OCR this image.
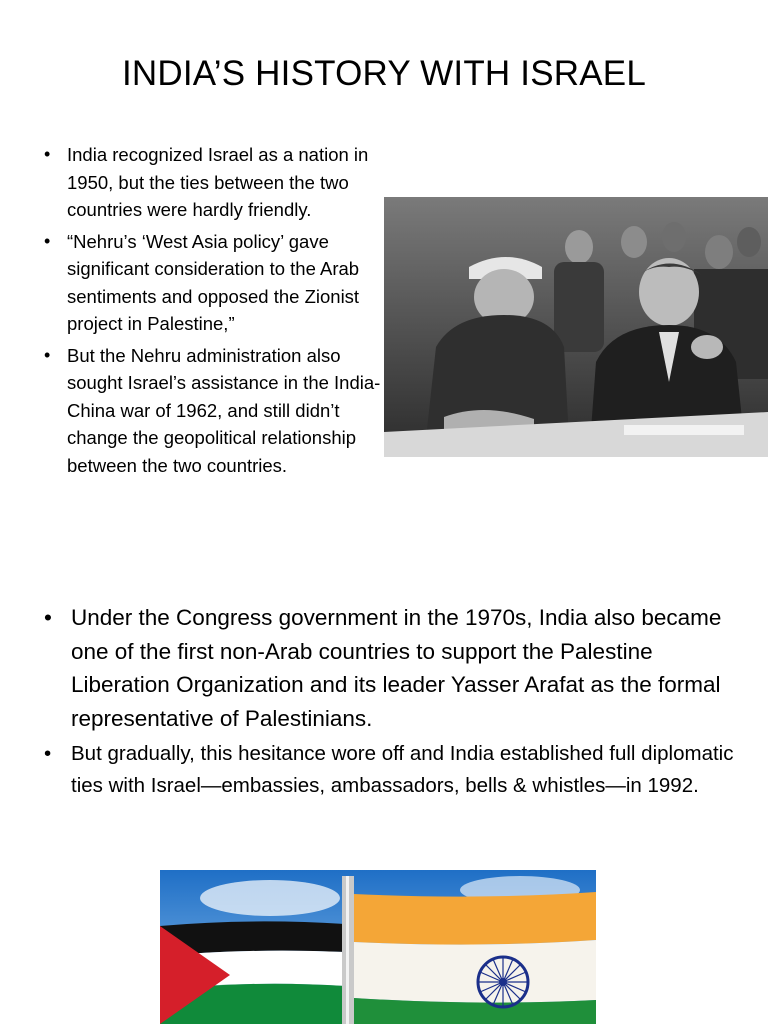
INDIA’S HISTORY WITH ISRAEL
• India recognized Israel as a nation in 1950, but the ties between the two countries were hardly friendly.
• “Nehru’s ‘West Asia policy’ gave significant consideration to the Arab sentiments and opposed the Zionist project in Palestine,”
• But the Nehru administration also sought Israel’s assistance in the India-China war of 1962, and still didn’t change the geopolitical relationship between the two countries.
• Under the Congress government in the 1970s, India also became one of the first non-Arab countries to support the Palestine Liberation Organization and its leader Yasser Arafat as the formal representative of Palestinians.
• But gradually, this hesitance wore off and India established full diplomatic ties with Israel—embassies, ambassadors, bells & whistles—in 1992.
